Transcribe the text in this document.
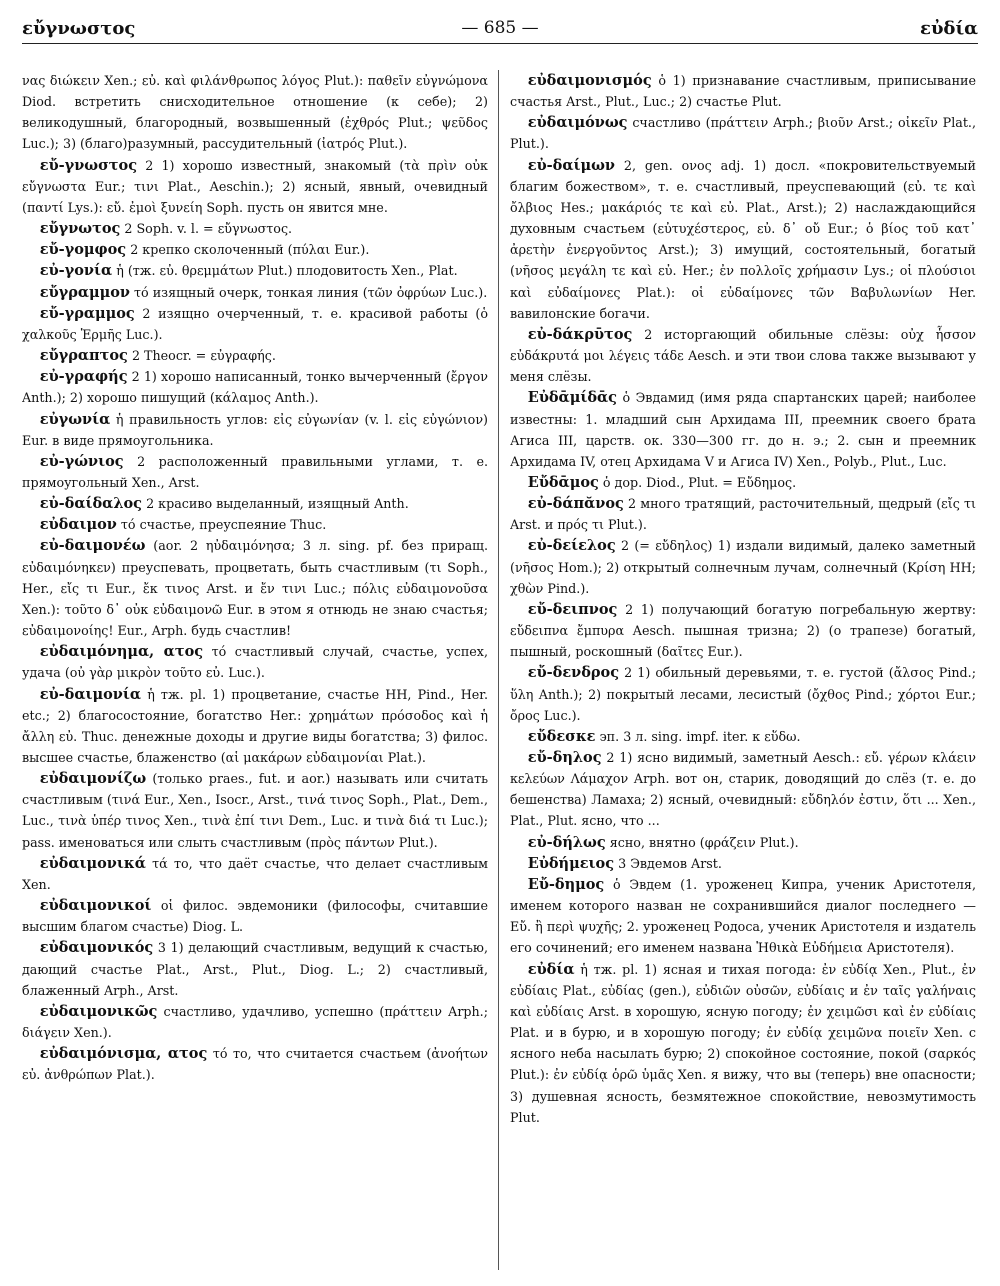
εὔγνωστος	— 685 —	εὐδία

νας διώκειν Xen.; εὐ. καὶ φιλάνθρωπος λόγος Plut.): παθεῖν εὐγνώμονα Diod. встретить снисходительное отношение (к себе); 2) великодушный, благородный, возвышенный (ἐχθρός Plut.; ψεῦδος Luc.); 3) (благо)разумный, рассудительный (ἰατρός Plut.).

εὔ-γνωστος 2 1) хорошо известный, знакомый (τὰ πρὶν οὐκ εὔγνωστα Eur.; τινι Plat., Aeschin.); 2) ясный, явный, очевидный (παντί Lys.): εὔ. ἐμοὶ ξυνείη Soph. пусть он явится мне.

εὔγνωτος 2 Soph. v. l. = εὔγνωστος.

εὔ-γομφος 2 крепко сколоченный (πύλαι Eur.).

εὐ-γονία ἡ (тж. εὐ. θρεμμάτων Plut.) плодовитость Xen., Plat.

εὔγραμμον τό изящный очерк, тонкая линия (τῶν ὀφρύων Luc.).

εὔ-γραμμος 2 изящно очерченный, т. е. красивой работы (ὁ χαλκοῦς Ἑρμῆς Luc.).

εὔγραπτος 2 Theocr. = εὐγραφής.

εὐ-γραφής 2 1) хорошо написанный, тонко вычерченный (ἔργον Anth.); 2) хорошо пишущий (κάλαμος Anth.).

εὐγωνία ἡ правильность углов: εἰς εὐγωνίαν (v. l. εἰς εὐγώνιον) Eur. в виде прямоугольника.

εὐ-γώνιος 2 расположенный правильными углами, т. е. прямоугольный Xen., Arst.

εὐ-δαίδαλος 2 красиво выделанный, изящный Anth.

εὐδαιμον τό счастье, преуспеяние Thuc.

εὐ-δαιμονέω (aor. 2 ηὐδαιμόνησα; 3 л. sing. pf. без приращ. εὐδαιμόνηκεν) преуспевать, процветать, быть счастливым (τι Soph., Her., εἴς τι Eur., ἔκ τινος Arst. и ἔν τινι Luc.; πόλις εὐδαιμονοῦσα Xen.): τοῦτο δ᾿ οὐκ εὐδαιμονῶ Eur. в этом я отнюдь не знаю счастья; εὐδαιμονοίης! Eur., Arph. будь счастлив!

εὐδαιμόνημα, ατος τό счастливый случай, счастье, успех, удача (οὐ γὰρ μικρὸν τοῦτο εὐ. Luc.).

εὐ-δαιμονία ἡ тж. pl. 1) процветание, счастье HH, Pind., Her. etc.; 2) благосостояние, богатство Her.: χρημάτων πρόσοδος καὶ ἡ ἄλλη εὐ. Thuc. денежные доходы и другие виды богатства; 3) филос. высшее счастье, блаженство (αἱ μακάρων εὐδαιμονίαι Plat.).

εὐδαιμονίζω (только praes., fut. и aor.) называть или считать счастливым (τινά Eur., Xen., Isocr., Arst., τινά τινος Soph., Plat., Dem., Luc., τινὰ ὑπέρ τινος Xen., τινὰ ἐπί τινι Dem., Luc. и τινὰ διά τι Luc.); pass. именоваться или слыть счастливым (πρὸς πάντων Plut.).

εὐδαιμονικά τά то, что даёт счастье, что делает счастливым Xen.

εὐδαιμονικοί οἱ филос. эвдемоники (философы, считавшие высшим благом счастье) Diog. L.

εὐδαιμονικός 3 1) делающий счастливым, ведущий к счастью, дающий счастье Plat., Arst., Plut., Diog. L.; 2) счастливый, блаженный Arph., Arst.

εὐδαιμονικῶς счастливо, удачливо, успешно (πράττειν Arph.; διάγειν Xen.).

εὐδαιμόνισμα, ατος τό то, что считается счастьем (ἀνοήτων εὐ. ἀνθρώπων Plat.).

εὐδαιμονισμός ὁ 1) признавание счастливым, приписывание счастья Arst., Plut., Luc.; 2) счастье Plut.

εὐδαιμόνως счастливо (πράττειν Arph.; βιοῦν Arst.; οἰκεῖν Plat., Plut.).

εὐ-δαίμων 2, gen. ονος adj. 1) досл. «покровительствуемый благим божеством», т. е. счастливый, преуспевающий (εὐ. τε καὶ ὄλβιος Hes.; μακάριός τε καὶ εὐ. Plat., Arst.); 2) наслаждающийся духовным счастьем (εὐτυχέστερος, εὐ. δ᾿ οὔ Eur.; ὁ βίος τοῦ κατ᾿ ἀρετὴν ἐνεργοῦντος Arst.); 3) имущий, состоятельный, богатый (νῆσος μεγάλη τε καὶ εὐ. Her.; ἐν πολλοῖς χρήμασιν Lys.; οἱ πλούσιοι καὶ εὐδαίμονες Plat.): οἱ εὐδαίμονες τῶν Βαβυλωνίων Her. вавилонские богачи.

εὐ-δάκρῡτος 2 исторгающий обильные слёзы: οὐχ ἧσσον εὐδάκρυτά μοι λέγεις τάδε Aesch. и эти твои слова также вызывают у меня слёзы.

Εὐδᾱμίδᾱς ὁ Эвдамид (имя ряда спартанских царей; наиболее известны: 1. младший сын Архидама III, преемник своего брата Агиса III, царств. ок. 330—300 гг. до н. э.; 2. сын и преемник Архидама IV, отец Архидама V и Агиса IV) Xen., Polyb., Plut., Luc.

Εὔδᾱμος ὁ дор. Diod., Plut. = Εὔδημος.

εὐ-δάπᾰνος 2 много тратящий, расточительный, щедрый (εἴς τι Arst. и πρός τι Plut.).

εὐ-δείελος 2 (= εὔδηλος) 1) издали видимый, далеко заметный (νῆσος Hom.); 2) открытый солнечным лучам, солнечный (Κρίση HH; χθὼν Pind.).

εὔ-δειπνος 2 1) получающий богатую погребальную жертву: εὔδειπνα ἔμπυρα Aesch. пышная тризна; 2) (о трапезе) богатый, пышный, роскошный (δαῖτες Eur.).

εὔ-δενδρος 2 1) обильный деревьями, т. е. густой (ἄλσος Pind.; ὕλη Anth.); 2) покрытый лесами, лесистый (ὄχθος Pind.; χόρτοι Eur.; ὄρος Luc.).

εὔδεσκε эп. 3 л. sing. impf. iter. к εὕδω.

εὔ-δηλος 2 1) ясно видимый, заметный Aesch.: εὔ. γέρων κλάειν κελεύων Λάμαχον Arph. вот он, старик, доводящий до слёз (т. е. до бешенства) Ламаха; 2) ясный, очевидный: εὔδηλόν ἐστιν, ὅτι ... Xen., Plat., Plut. ясно, что ...

εὐ-δήλως ясно, внятно (φράζειν Plut.).

Εὐδήμειος 3 Эвдемов Arst.

Εὔ-δημος ὁ Эвдем (1. уроженец Кипра, ученик Аристотеля, именем которого назван не сохранившийся диалог последнего — Εὔ. ἢ περὶ ψυχῆς; 2. уроженец Родоса, ученик Аристотеля и издатель его сочинений; его именем названа Ἠθικὰ Εὐδήμεια Аристотеля).

εὐδία ἡ тж. pl. 1) ясная и тихая погода: ἐν εὐδίᾳ Xen., Plut., ἐν εὐδίαις Plat., εὐδίας (gen.), εὐδιῶν οὐσῶν, εὐδίαις и ἐν ταῖς γαλήναις καὶ εὐδίαις Arst. в хорошую, ясную погоду; ἐν χειμῶσι καὶ ἐν εὐδίαις Plat. и в бурю, и в хорошую погоду; ἐν εὐδίᾳ χειμῶνα ποιεῖν Xen. с ясного неба насылать бурю; 2) спокойное состояние, покой (σαρκός Plut.): ἐν εὐδίᾳ ὁρῶ ὑμᾶς Xen. я вижу, что вы (теперь) вне опасности; 3) душевная ясность, безмятежное спокойствие, невозмутимость Plut.
